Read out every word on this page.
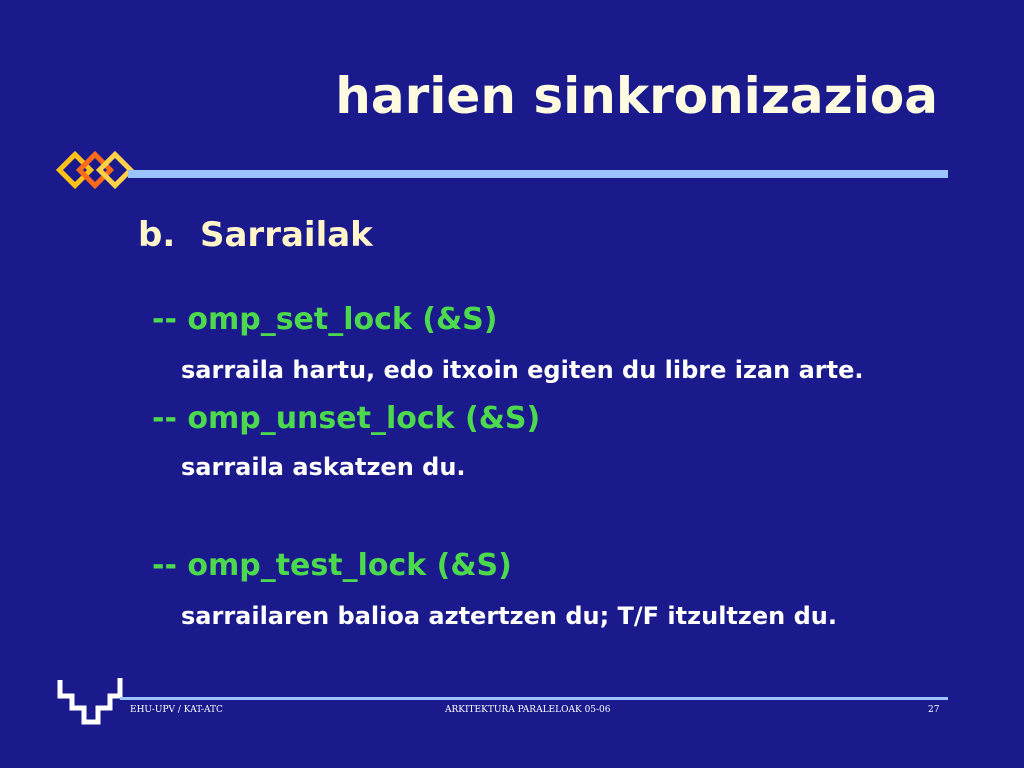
harien sinkronizazioa
b. Sarrailak
-- omp_set_lock (&S)
sarraila hartu, edo itxoin egiten du libre izan arte.
-- omp_unset_lock (&S)
sarraila askatzen du.
-- omp_test_lock (&S)
sarrailaren balioa aztertzen du; T/F itzultzen du.
EHU-UPV / KAT-ATC	ARKITEKTURA PARALELOAK 05-06	27
